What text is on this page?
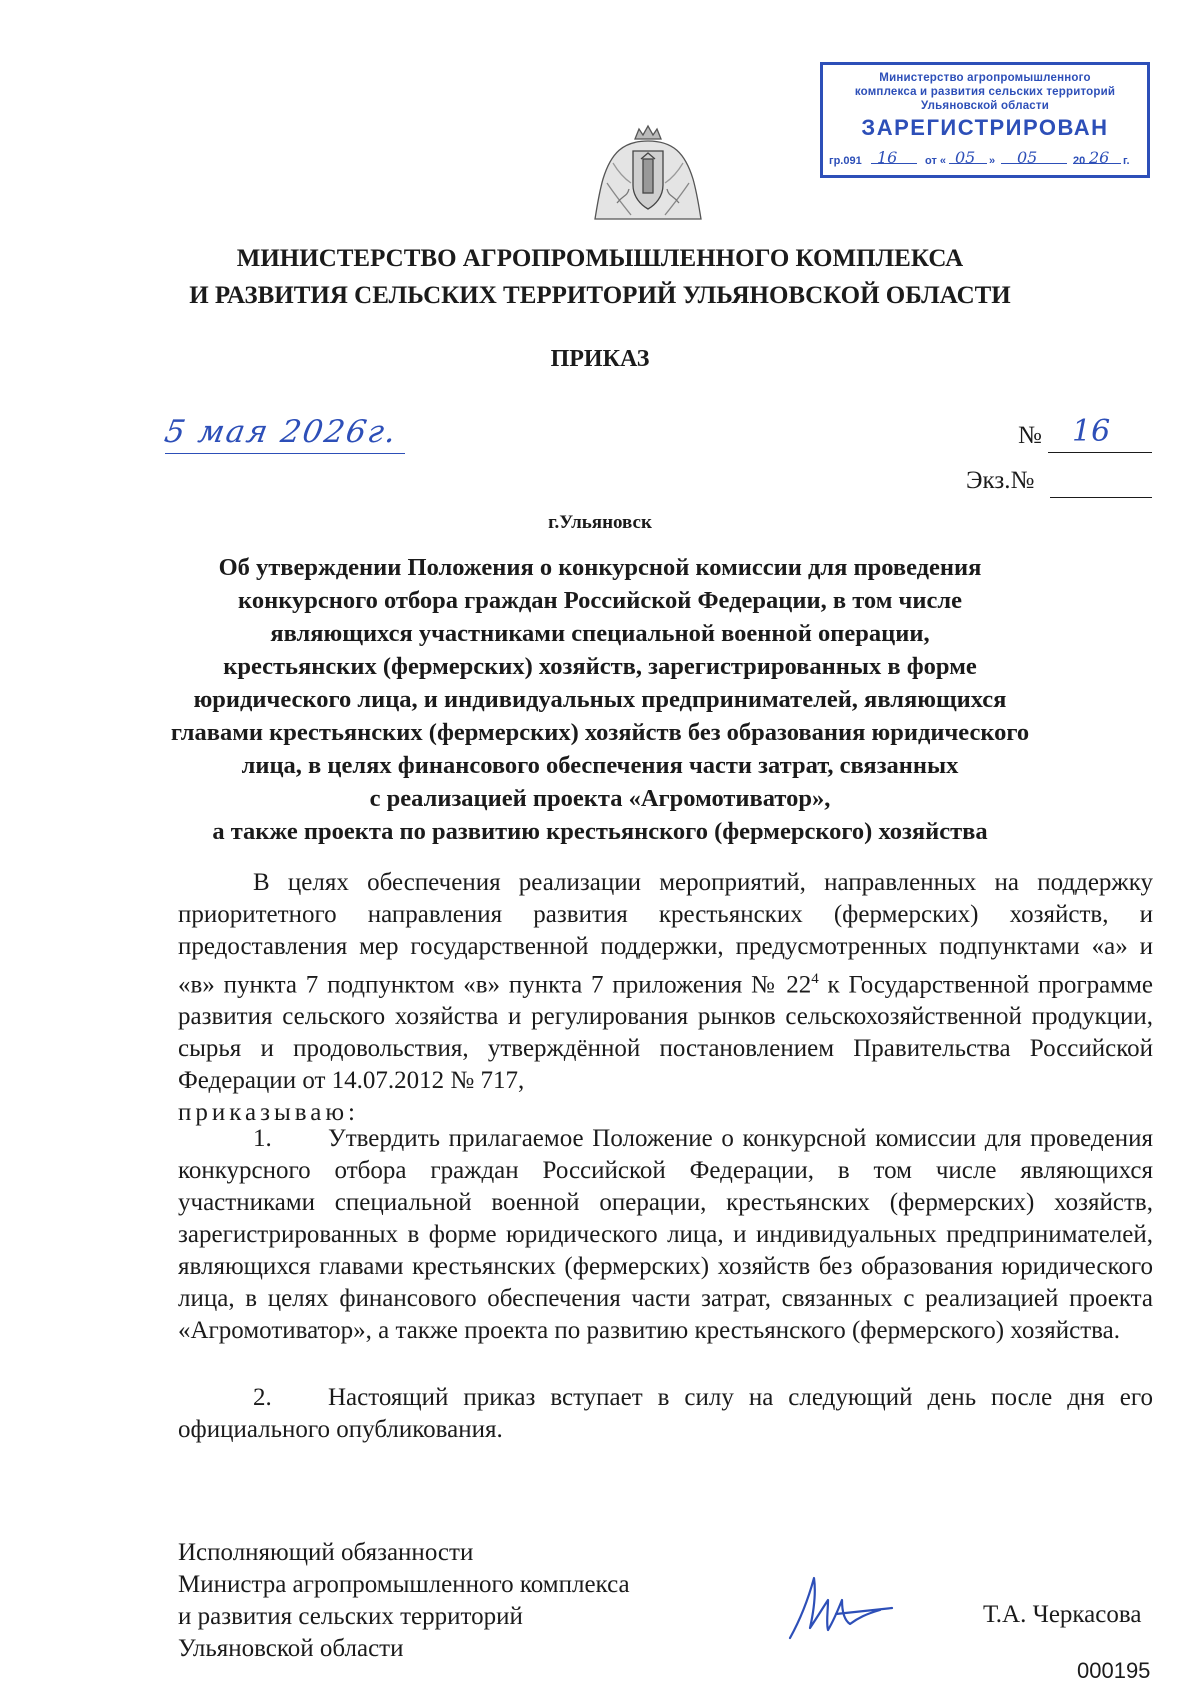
Министерство агропромышленного
комплекса и развития сельских территорий
Ульяновской области
ЗАРЕГИСТРИРОВАН
гр.091 16	от « 05 » 05	20 26 г.
МИНИСТЕРСТВО АГРОПРОМЫШЛЕННОГО КОМПЛЕКСА
И РАЗВИТИЯ СЕЛЬСКИХ ТЕРРИТОРИЙ УЛЬЯНОВСКОЙ ОБЛАСТИ
ПРИКАЗ
5 мая 2026г.	№ 16
Экз.№
г.Ульяновск
Об утверждении Положения о конкурсной комиссии для проведения
конкурсного отбора граждан Российской Федерации, в том числе
являющихся участниками специальной военной операции,
крестьянских (фермерских) хозяйств, зарегистрированных в форме
юридического лица, и индивидуальных предпринимателей, являющихся
главами крестьянских (фермерских) хозяйств без образования юридического
лица, в целях финансового обеспечения части затрат, связанных
с реализацией проекта «Агромотиватор»,
а также проекта по развитию крестьянского (фермерского) хозяйства
В целях обеспечения реализации мероприятий, направленных на поддержку приоритетного направления развития крестьянских (фермерских) хозяйств, и предоставления мер государственной поддержки, предусмотренных подпунктами «а» и «в» пункта 7 подпунктом «в» пункта 7 приложения № $22^4$ к Государственной программе развития сельского хозяйства и регулирования рынков сельскохозяйственной продукции, сырья и продовольствия, утверждённой постановлением Правительства Российской Федерации от 14.07.2012 № 717,
приказываю:
1. Утвердить прилагаемое Положение о конкурсной комиссии для проведения конкурсного отбора граждан Российской Федерации, в том числе являющихся участниками специальной военной операции, крестьянских (фермерских) хозяйств, зарегистрированных в форме юридического лица, и индивидуальных предпринимателей, являющихся главами крестьянских (фермерских) хозяйств без образования юридического лица, в целях финансового обеспечения части затрат, связанных с реализацией проекта «Агромотиватор», а также проекта по развитию крестьянского (фермерского) хозяйства.
2. Настоящий приказ вступает в силу на следующий день после дня его официального опубликования.
Исполняющий обязанности
Министра агропромышленного комплекса
и развития сельских территорий
Ульяновской области
Т.А. Черкасова
000195
